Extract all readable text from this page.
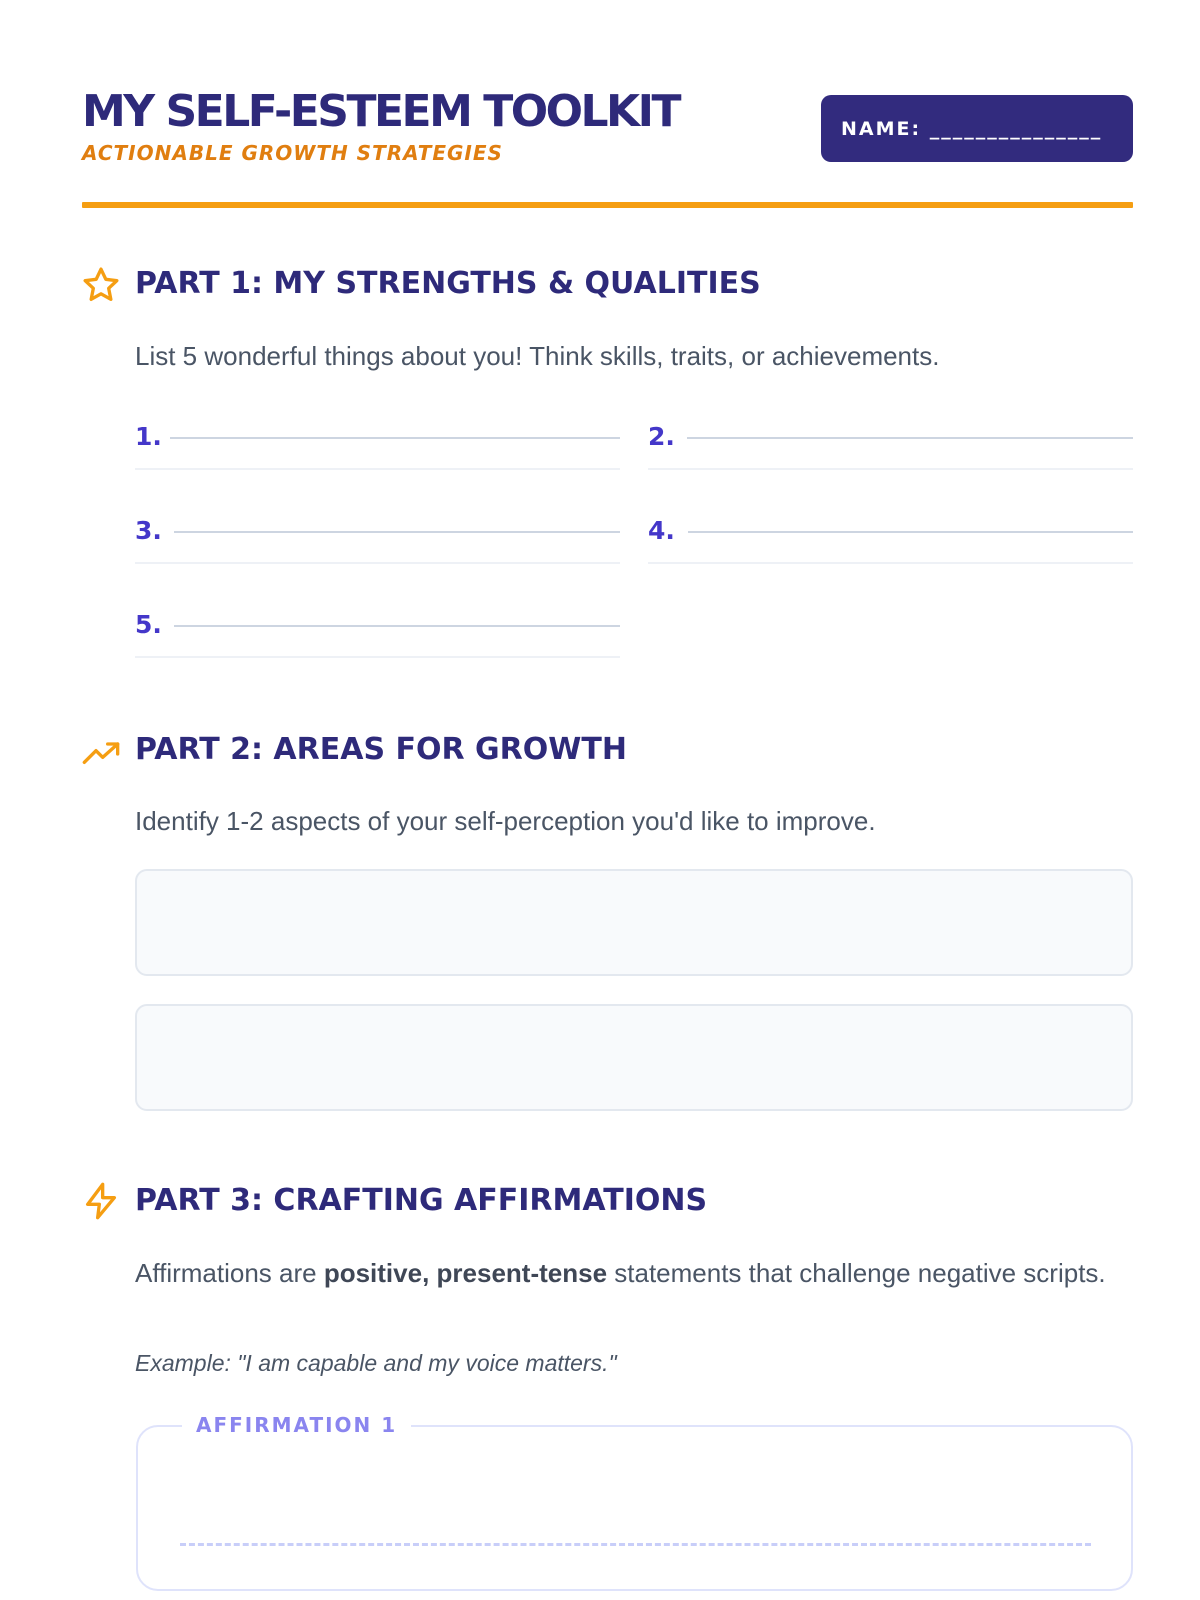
MY SELF-ESTEEM TOOLKIT
ACTIONABLE GROWTH STRATEGIES
NAME: _______________
PART 1: MY STRENGTHS & QUALITIES
List 5 wonderful things about you! Think skills, traits, or achievements.
1.	2.
3.	4.
5.
PART 2: AREAS FOR GROWTH
Identify 1-2 aspects of your self-perception you'd like to improve.
PART 3: CRAFTING AFFIRMATIONS
Affirmations are positive, present-tense statements that challenge negative scripts.
Example: "I am capable and my voice matters."
AFFIRMATION 1
